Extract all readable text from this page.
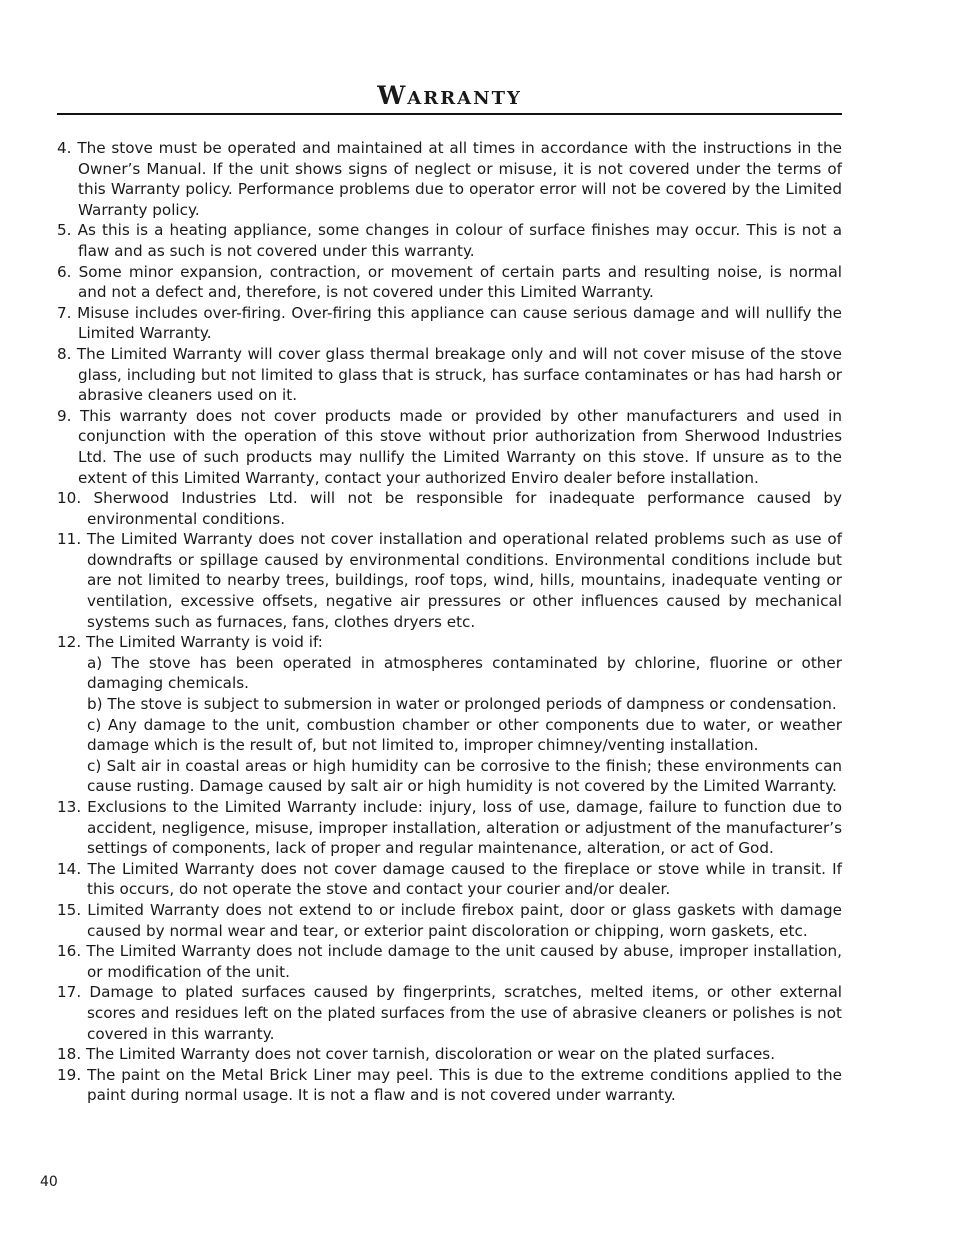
Warranty
4. The stove must be operated and maintained at all times in accordance with the instructions in the Owner’s Manual. If the unit shows signs of neglect or misuse, it is not covered under the terms of this Warranty policy. Performance problems due to operator error will not be covered by the Limited Warranty policy.
5. As this is a heating appliance, some changes in colour of surface finishes may occur. This is not a flaw and as such is not covered under this warranty.
6. Some minor expansion, contraction, or movement of certain parts and resulting noise, is normal and not a defect and, therefore, is not covered under this Limited Warranty.
7. Misuse includes over-firing. Over-firing this appliance can cause serious damage and will nullify the Limited Warranty.
8. The Limited Warranty will cover glass thermal breakage only and will not cover misuse of the stove glass, including but not limited to glass that is struck, has surface contaminates or has had harsh or abrasive cleaners used on it.
9. This warranty does not cover products made or provided by other manufacturers and used in conjunction with the operation of this stove without prior authorization from Sherwood Industries Ltd. The use of such products may nullify the Limited Warranty on this stove. If unsure as to the extent of this Limited Warranty, contact your authorized Enviro dealer before installation.
10. Sherwood Industries Ltd. will not be responsible for inadequate performance caused by environmental conditions.
11. The Limited Warranty does not cover installation and operational related problems such as use of downdrafts or spillage caused by environmental conditions. Environmental conditions include but are not limited to nearby trees, buildings, roof tops, wind, hills, mountains, inadequate venting or ventilation, excessive offsets, negative air pressures or other influences caused by mechanical systems such as furnaces, fans, clothes dryers etc.
12. The Limited Warranty is void if:
a) The stove has been operated in atmospheres contaminated by chlorine, fluorine or other damaging chemicals.
b) The stove is subject to submersion in water or prolonged periods of dampness or condensation.
c) Any damage to the unit, combustion chamber or other components due to water, or weather damage which is the result of, but not limited to, improper chimney/venting installation.
c) Salt air in coastal areas or high humidity can be corrosive to the finish; these environments can cause rusting. Damage caused by salt air or high humidity is not covered by the Limited Warranty.
13. Exclusions to the Limited Warranty include: injury, loss of use, damage, failure to function due to accident, negligence, misuse, improper installation, alteration or adjustment of the manufacturer’s settings of components, lack of proper and regular maintenance, alteration, or act of God.
14. The Limited Warranty does not cover damage caused to the fireplace or stove while in transit. If this occurs, do not operate the stove and contact your courier and/or dealer.
15. Limited Warranty does not extend to or include firebox paint, door or glass gaskets with damage caused by normal wear and tear, or exterior paint discoloration or chipping, worn gaskets, etc.
16. The Limited Warranty does not include damage to the unit caused by abuse, improper installation, or modification of the unit.
17. Damage to plated surfaces caused by fingerprints, scratches, melted items, or other external scores and residues left on the plated surfaces from the use of abrasive cleaners or polishes is not covered in this warranty.
18. The Limited Warranty does not cover tarnish, discoloration or wear on the plated surfaces.
19. The paint on the Metal Brick Liner may peel. This is due to the extreme conditions applied to the paint during normal usage. It is not a flaw and is not covered under warranty.
40
